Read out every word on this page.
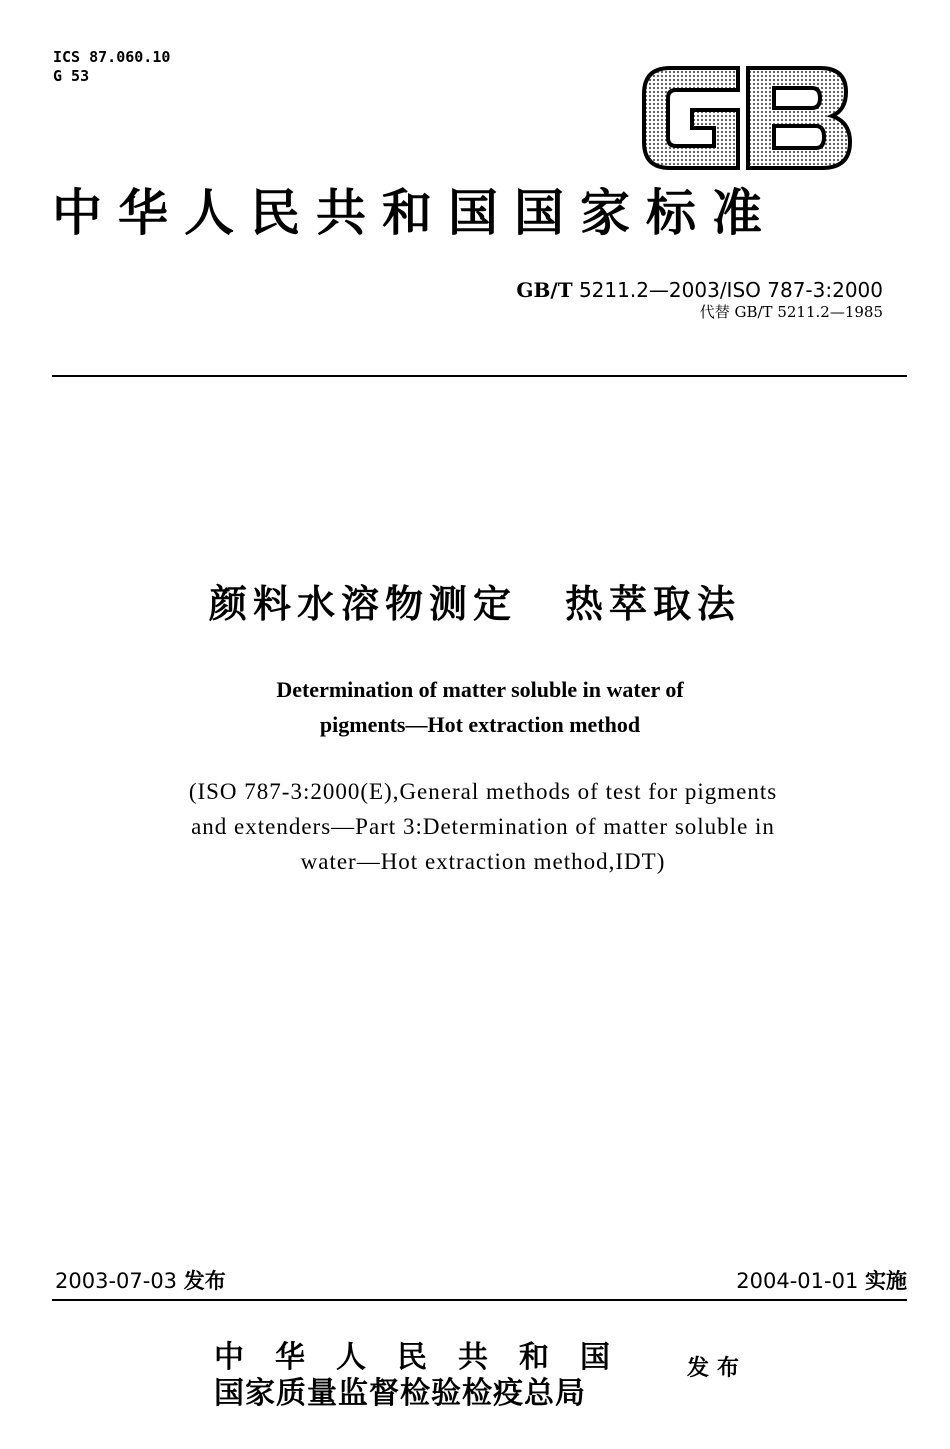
ICS 87.060.10
G 53
中华人民共和国国家标准
GB/T 5211.2—2003/ISO 787-3:2000
代替 GB/T 5211.2—1985
颜料水溶物测定 热萃取法
Determination of matter soluble in water of
pigments—Hot extraction method
(ISO 787-3:2000(E),General methods of test for pigments
and extenders—Part 3:Determination of matter soluble in
water—Hot extraction method,IDT)
2003-07-03 发布	2004-01-01 实施
中华人民共和国
国家质量监督检验检疫总局
发布
